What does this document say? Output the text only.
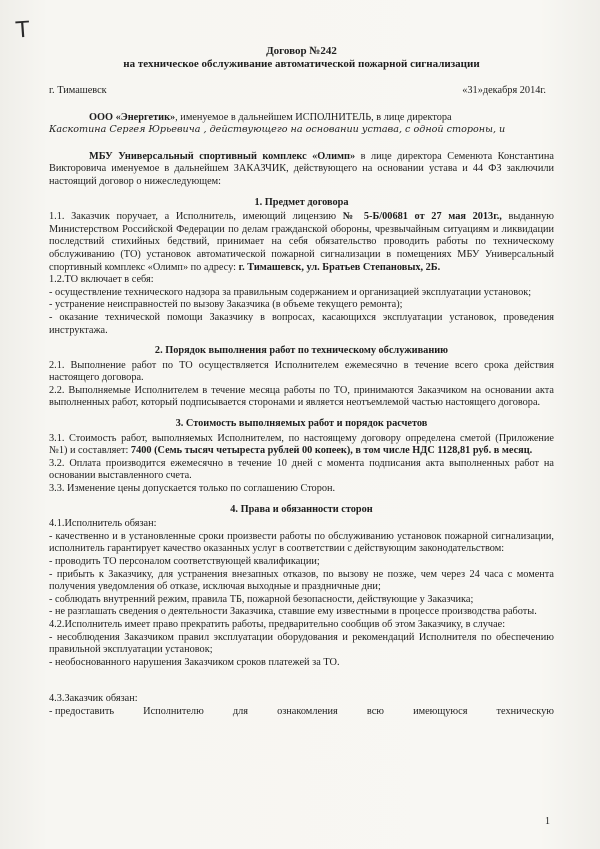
T

Договор №242

на техническое обслуживание автоматической пожарной сигнализации

г. Тимашевск	«31»декабря 2014г.

ООО «Энергетик», именуемое в дальнейшем ИСПОЛНИТЕЛЬ, в лице директора

Каскотина Сергея Юрьевича , действующего на основании устава, с одной стороны, и

МБУ Универсальный спортивный комплекс «Олимп» в лице директора Семенюта Константина Викторовича именуемое в дальнейшем ЗАКАЗЧИК, действующего на основании устава и 44 ФЗ заключили настоящий договор о нижеследующем:

1. Предмет договора

1.1. Заказчик поручает, а Исполнитель, имеющий лицензию № 5-Б/00681 от 27 мая 2013г., выданную Министерством Российской Федерации по делам гражданской обороны, чрезвычайным ситуациям и ликвидации последствий стихийных бедствий, принимает на себя обязательство проводить работы по техническому обслуживанию (ТО) установок автоматической пожарной сигнализации в помещениях МБУ Универсальный спортивный комплекс «Олимп» по адресу: г. Тимашевск, ул. Братьев Степановых, 2Б.

1.2.ТО включает в себя:

- осуществление технического надзора за правильным содержанием и организацией эксплуатации установок;

- устранение неисправностей по вызову Заказчика (в объеме текущего ремонта);

- оказание технической помощи Заказчику в вопросах, касающихся эксплуатации установок, проведения инструктажа.

2. Порядок выполнения работ по техническому обслуживанию

2.1. Выполнение работ по ТО осуществляется Исполнителем ежемесячно в течение всего срока действия настоящего договора.

2.2. Выполняемые Исполнителем в течение месяца работы по ТО, принимаются Заказчиком на основании акта выполненных работ, который подписывается сторонами и является неотъемлемой частью настоящего договора.

3. Стоимость выполняемых работ и порядок расчетов

3.1. Стоимость работ, выполняемых Исполнителем, по настоящему договору определена сметой (Приложение №1) и составляет: 7400 (Семь тысяч четыреста рублей 00 копеек), в том числе НДС 1128,81 руб. в месяц.

3.2. Оплата производится ежемесячно в течение 10 дней с момента подписания акта выполненных работ на основании выставленного счета.

3.3. Изменение цены допускается только по соглашению Сторон.

4. Права и обязанности сторон

4.1.Исполнитель обязан:

- качественно и в установленные сроки произвести работы по обслуживанию установок пожарной сигнализации, исполнитель гарантирует качество оказанных услуг в соответствии с действующим законодательством:

- проводить ТО персоналом соответствующей квалификации;

- прибыть к Заказчику, для устранения внезапных отказов, по вызову не позже, чем через 24 часа с момента получения уведомления об отказе, исключая выходные и праздничные дни;

- соблюдать внутренний режим, правила ТБ, пожарной безопасности, действующие у Заказчика;

- не разглашать сведения о деятельности Заказчика, ставшие ему известными в процессе производства работы.

4.2.Исполнитель имеет право прекратить работы, предварительно сообщив об этом Заказчику, в случае:

- несоблюдения Заказчиком правил эксплуатации оборудования и рекомендаций Исполнителя по обеспечению правильной эксплуатации установок;

- необоснованного нарушения Заказчиком сроков платежей за ТО.

4.3.Заказчик обязан:

- предоставить	Исполнителю	для	ознакомления	всю	имеющуюся	техническую
1
